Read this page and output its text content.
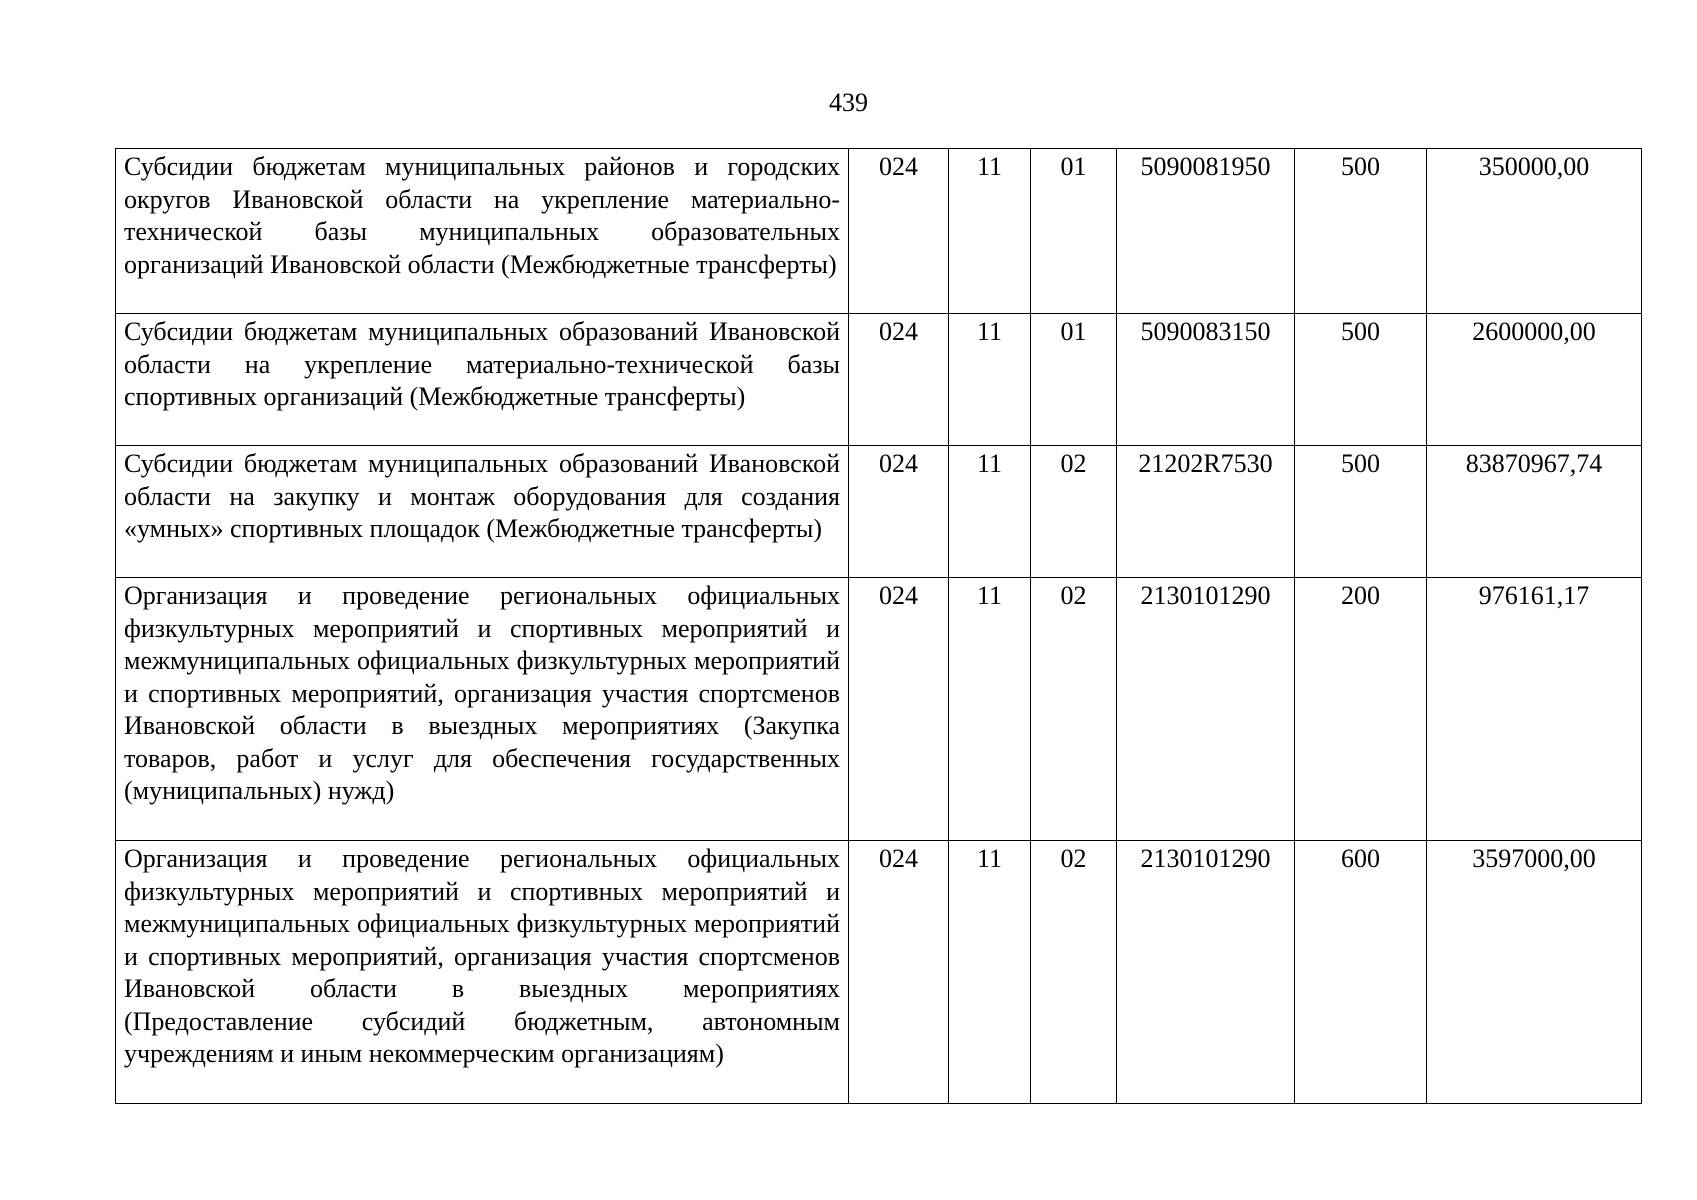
439
Субсидии бюджетам муниципальных районов и городских округов Ивановской области на укрепление материально-технической базы муниципальных образовательных организаций Ивановской области (Межбюджетные трансферты)	024	11	01	5090081950	500	350000,00
Субсидии бюджетам муниципальных образований Ивановской области на укрепление материально-технической базы спортивных организаций (Межбюджетные трансферты)	024	11	01	5090083150	500	2600000,00
Субсидии бюджетам муниципальных образований Ивановской области на закупку и монтаж оборудования для создания «умных» спортивных площадок (Межбюджетные трансферты)	024	11	02	21202R7530	500	83870967,74
Организация и проведение региональных официальных физкультурных мероприятий и спортивных мероприятий и межмуниципальных официальных физкультурных мероприятий и спортивных мероприятий, организация участия спортсменов Ивановской области в выездных мероприятиях (Закупка товаров, работ и услуг для обеспечения государственных (муниципальных) нужд)	024	11	02	2130101290	200	976161,17
Организация и проведение региональных официальных физкультурных мероприятий и спортивных мероприятий и межмуниципальных официальных физкультурных мероприятий и спортивных мероприятий, организация участия спортсменов Ивановской области в выездных мероприятиях (Предоставление субсидий бюджетным, автономным учреждениям и иным некоммерческим организациям)	024	11	02	2130101290	600	3597000,00
